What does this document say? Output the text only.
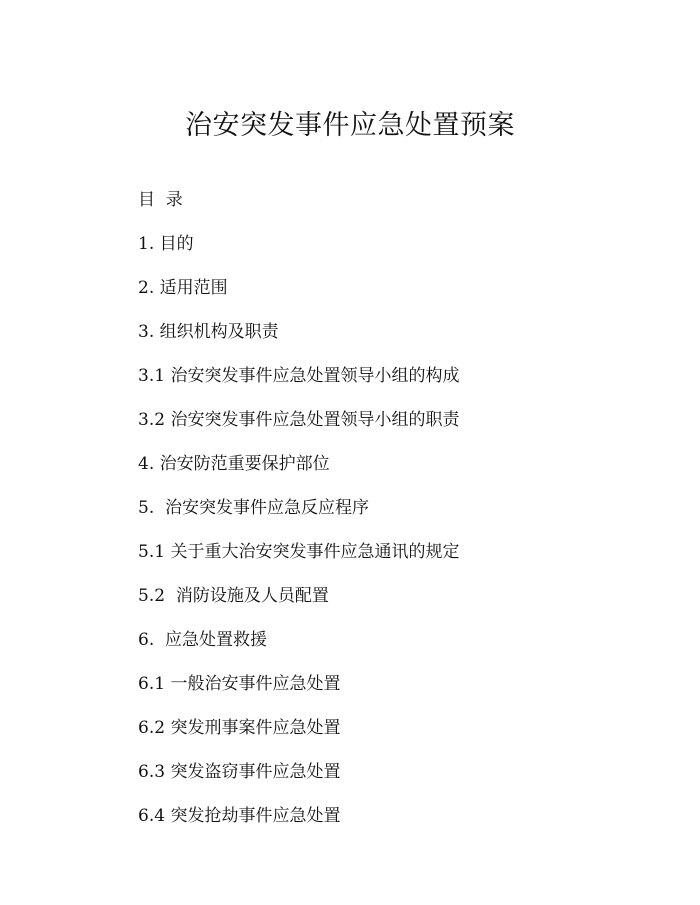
治安突发事件应急处置预案
目  录
1. 目的
2. 适用范围
3. 组织机构及职责
3.1 治安突发事件应急处置领导小组的构成
3.2 治安突发事件应急处置领导小组的职责
4. 治安防范重要保护部位
5.  治安突发事件应急反应程序
5.1 关于重大治安突发事件应急通讯的规定
5.2  消防设施及人员配置
6.  应急处置救援
6.1 一般治安事件应急处置
6.2 突发刑事案件应急处置
6.3 突发盗窃事件应急处置
6.4 突发抢劫事件应急处置
